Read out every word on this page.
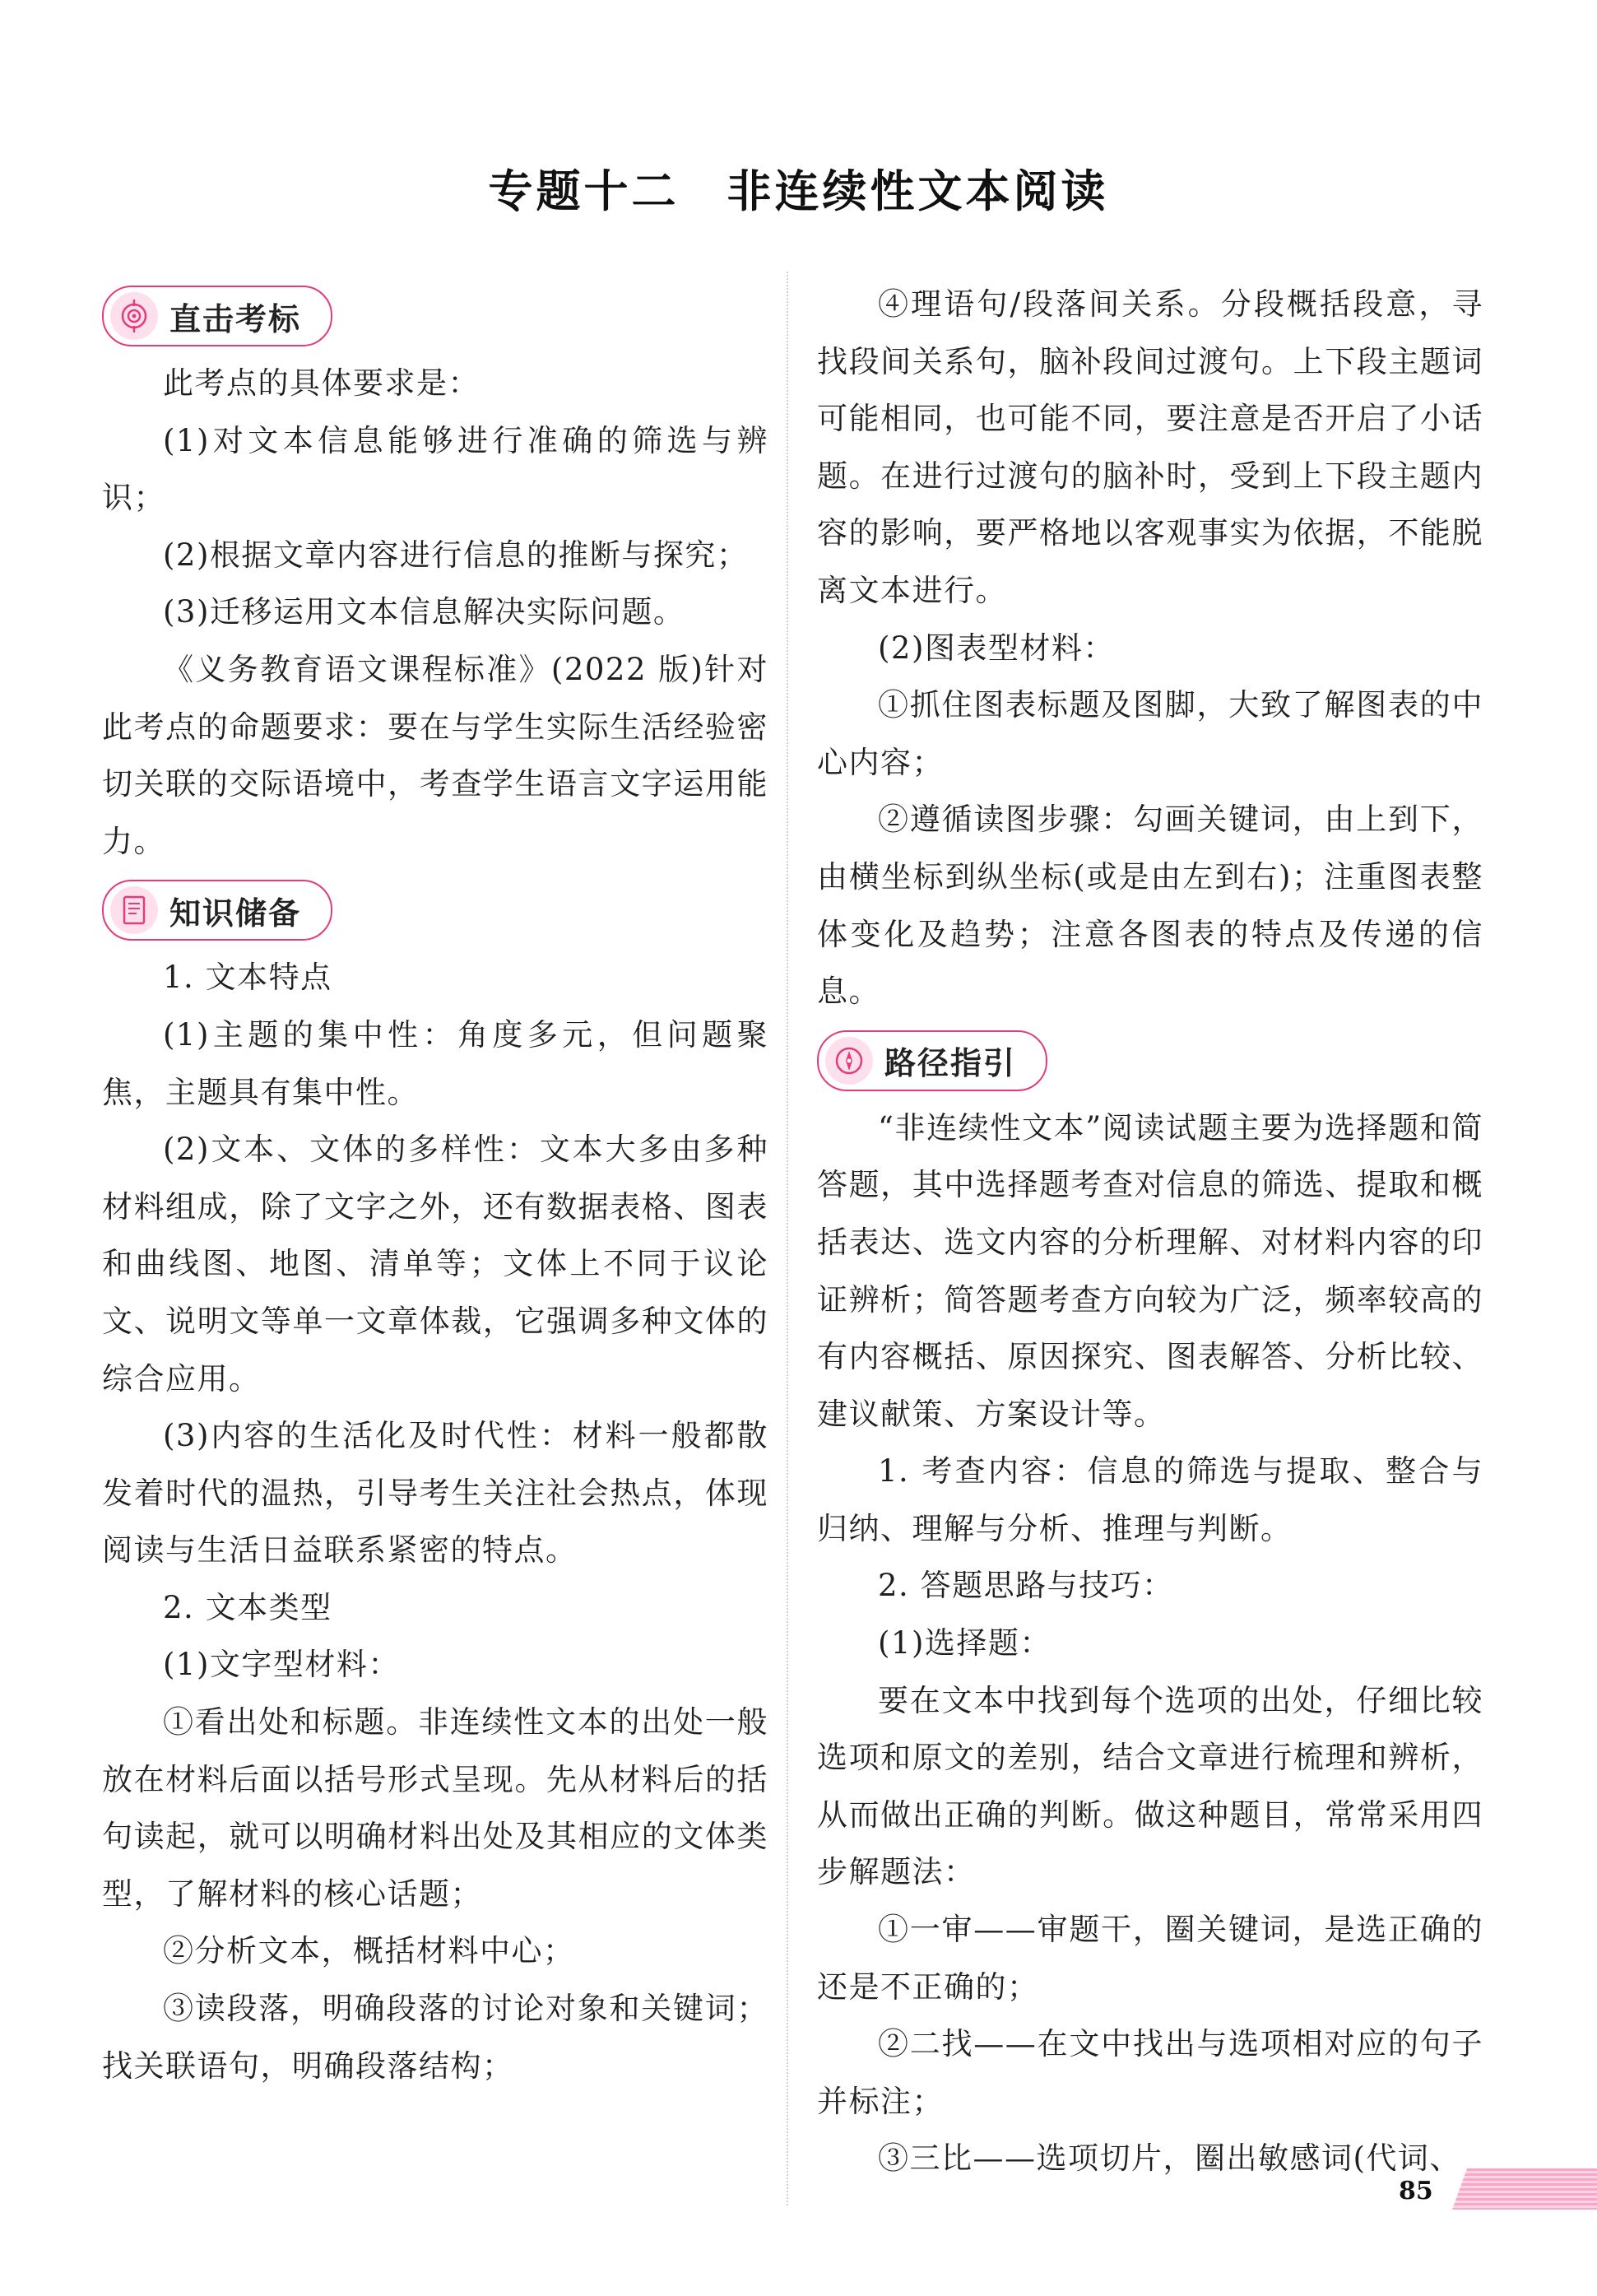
专题十二　非连续性文本阅读
直击考标

此考点的具体要求是：

(1)对文本信息能够进行准确的筛选与辨识；

(2)根据文章内容进行信息的推断与探究；

(3)迁移运用文本信息解决实际问题。

《义务教育语文课程标准》(2022 版)针对此考点的命题要求：要在与学生实际生活经验密切关联的交际语境中，考查学生语言文字运用能力。

知识储备

1. 文本特点

(1)主题的集中性：角度多元，但问题聚焦，主题具有集中性。

(2)文本、文体的多样性：文本大多由多种材料组成，除了文字之外，还有数据表格、图表和曲线图、地图、清单等；文体上不同于议论文、说明文等单一文章体裁，它强调多种文体的综合应用。

(3)内容的生活化及时代性：材料一般都散发着时代的温热，引导考生关注社会热点，体现阅读与生活日益联系紧密的特点。

2. 文本类型

(1)文字型材料：

①看出处和标题。非连续性文本的出处一般放在材料后面以括号形式呈现。先从材料后的括句读起，就可以明确材料出处及其相应的文体类型，了解材料的核心话题；

②分析文本，概括材料中心；

③读段落，明确段落的讨论对象和关键词；找关联语句，明确段落结构；

④理语句/段落间关系。分段概括段意，寻找段间关系句，脑补段间过渡句。上下段主题词可能相同，也可能不同，要注意是否开启了小话题。在进行过渡句的脑补时，受到上下段主题内容的影响，要严格地以客观事实为依据，不能脱离文本进行。

(2)图表型材料：

①抓住图表标题及图脚，大致了解图表的中心内容；

②遵循读图步骤：勾画关键词，由上到下，由横坐标到纵坐标(或是由左到右)；注重图表整体变化及趋势；注意各图表的特点及传递的信息。

路径指引

“非连续性文本”阅读试题主要为选择题和简答题，其中选择题考查对信息的筛选、提取和概括表达、选文内容的分析理解、对材料内容的印证辨析；简答题考查方向较为广泛，频率较高的有内容概括、原因探究、图表解答、分析比较、建议献策、方案设计等。

1. 考查内容：信息的筛选与提取、整合与归纳、理解与分析、推理与判断。

2. 答题思路与技巧：

(1)选择题：

要在文本中找到每个选项的出处，仔细比较选项和原文的差别，结合文章进行梳理和辨析，从而做出正确的判断。做这种题目，常常采用四步解题法：

①一审——审题干，圈关键词，是选正确的还是不正确的；

②二找——在文中找出与选项相对应的句子并标注；

③三比——选项切片，圈出敏感词(代词、

85
